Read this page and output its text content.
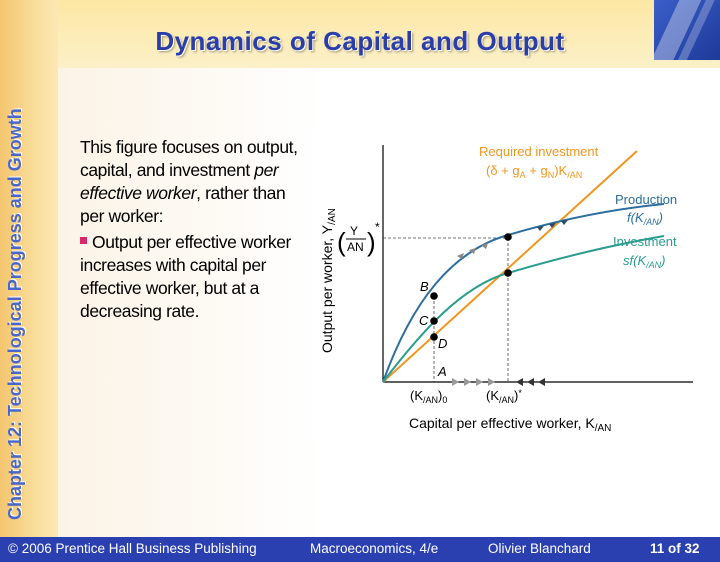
Dynamics of Capital and Output
Chapter 12: Technological Progress and Growth	This figure focuses on output, capital, and investment per effective worker, rather than per worker:

Output per effective worker increases with capital per effective worker, but at a decreasing rate.

B
C
D
A
Required investment
$(\delta + g_A + g_N)K_{/AN}$
Production
$f(K_{/AN})$
Investment
$sf(K_{/AN})$
Output per worker, $Y_{/AN}$
( Y
AN ) *
$(K_{/AN})_0$	$(K_{/AN})^*$
Capital per effective worker, $K_{/AN}$
© 2006 Prentice Hall Business Publishing	Macroeconomics, 4/e	Olivier Blanchard	11 of 32
